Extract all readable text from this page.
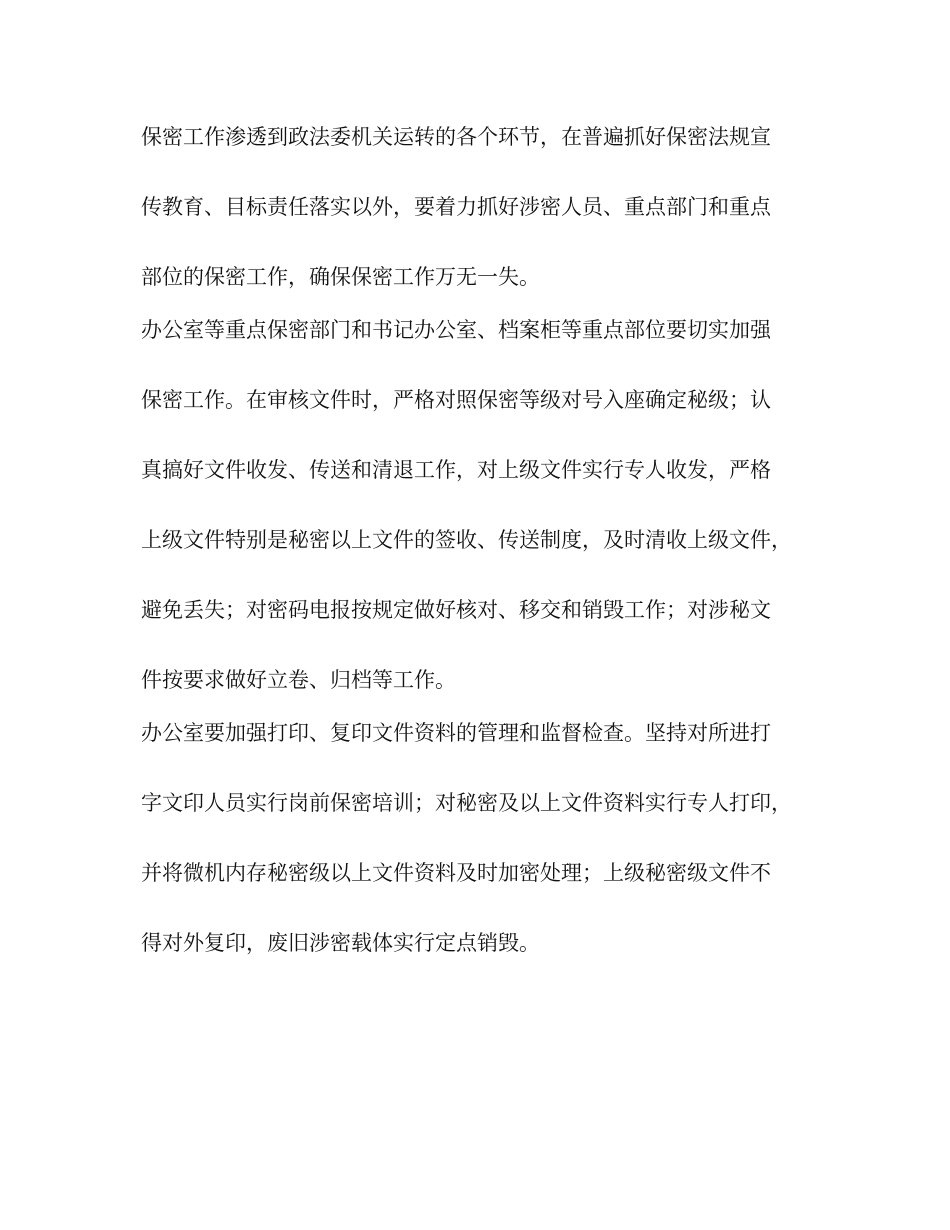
保密工作渗透到政法委机关运转的各个环节，在普遍抓好保密法规宣

传教育、目标责任落实以外，要着力抓好涉密人员、重点部门和重点

部位的保密工作，确保保密工作万无一失。

办公室等重点保密部门和书记办公室、档案柜等重点部位要切实加强

保密工作。在审核文件时，严格对照保密等级对号入座确定秘级；认

真搞好文件收发、传送和清退工作，对上级文件实行专人收发，严格

上级文件特别是秘密以上文件的签收、传送制度，及时清收上级文件，

避免丢失；对密码电报按规定做好核对、移交和销毁工作；对涉秘文

件按要求做好立卷、归档等工作。

办公室要加强打印、复印文件资料的管理和监督检查。坚持对所进打

字文印人员实行岗前保密培训；对秘密及以上文件资料实行专人打印，

并将微机内存秘密级以上文件资料及时加密处理；上级秘密级文件不

得对外复印，废旧涉密载体实行定点销毁。
